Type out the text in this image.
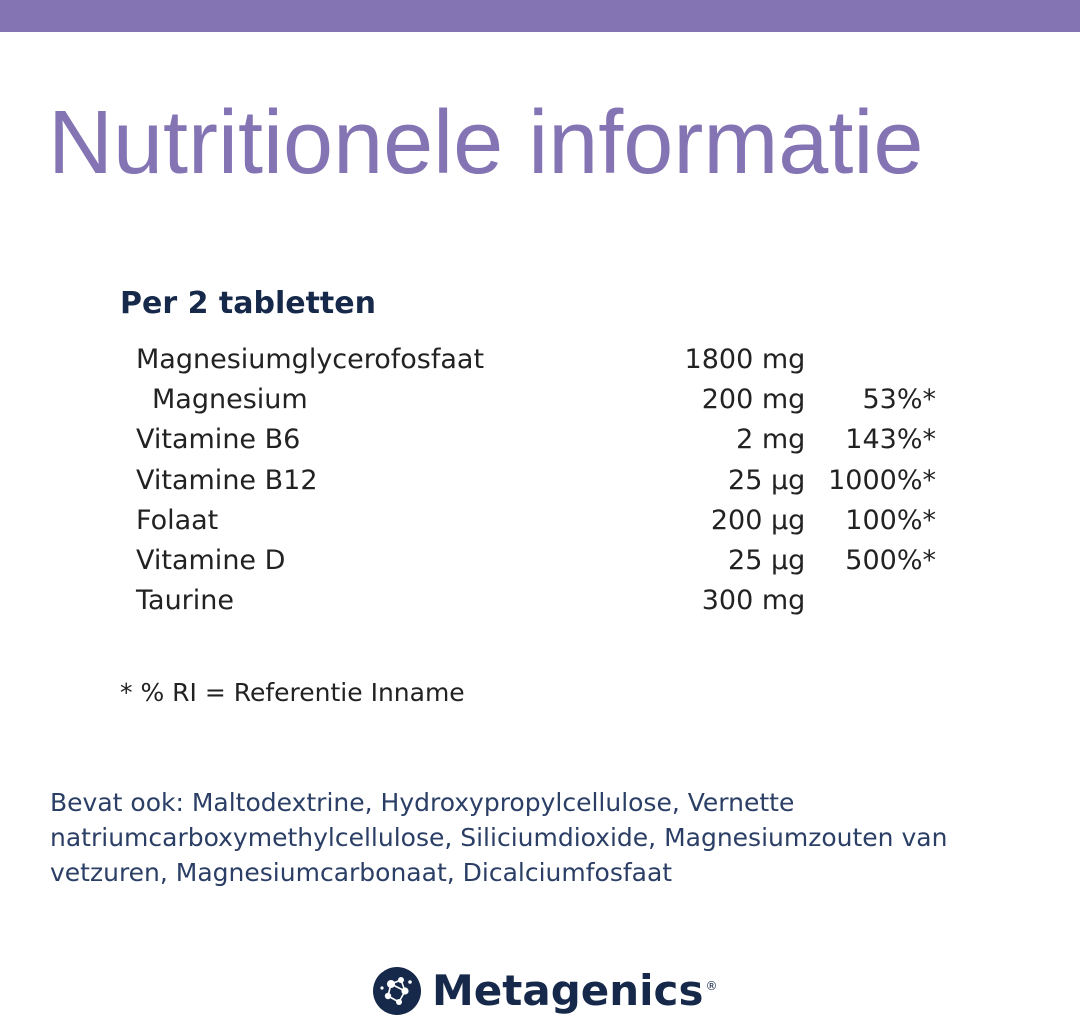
Nutritionele informatie
Per 2 tabletten
Magnesiumglycerofosfaat	1800 mg	
Magnesium	200 mg	53%*
Vitamine B6	2 mg	143%*
Vitamine B12	25 µg	1000%*
Folaat	200 µg	100%*
Vitamine D	25 µg	500%*
Taurine	300 mg	

* % RI = Referentie Inname

Bevat ook: Maltodextrine, Hydroxypropylcellulose, Vernette natriumcarboxymethylcellulose, Siliciumdioxide, Magnesiumzouten van vetzuren, Magnesiumcarbonaat, Dicalciumfosfaat

Metagenics ®
